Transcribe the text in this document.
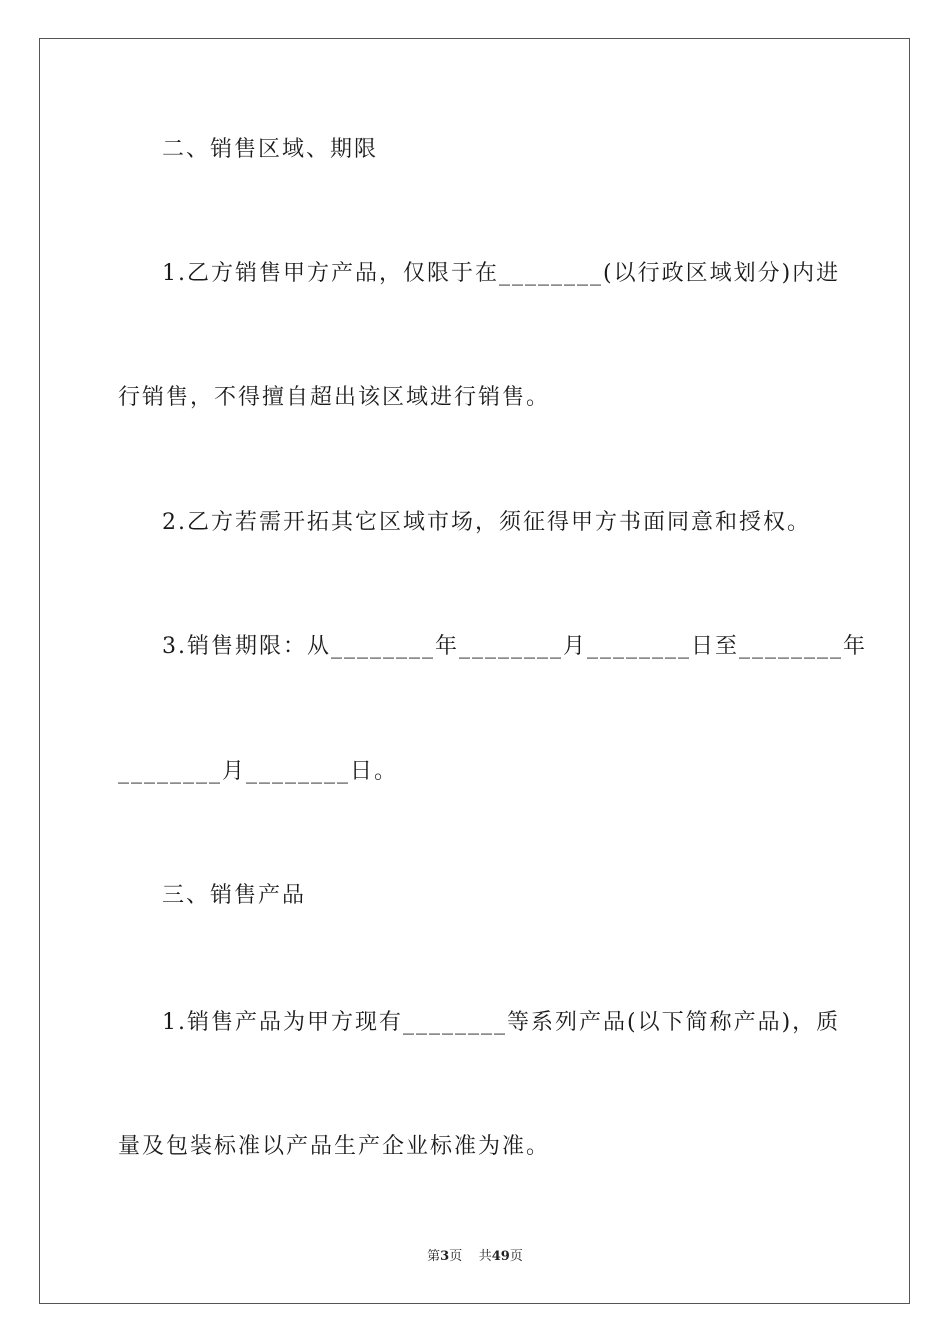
二、销售区域、期限

1.乙方销售甲方产品，仅限于在________(以行政区域划分)内进

行销售，不得擅自超出该区域进行销售。

2.乙方若需开拓其它区域市场，须征得甲方书面同意和授权。

3.销售期限：从________年________月________日至________年

________月________日。

三、销售产品

1.销售产品为甲方现有________等系列产品(以下简称产品)，质

量及包装标准以产品生产企业标准为准。

第3页 共49页
